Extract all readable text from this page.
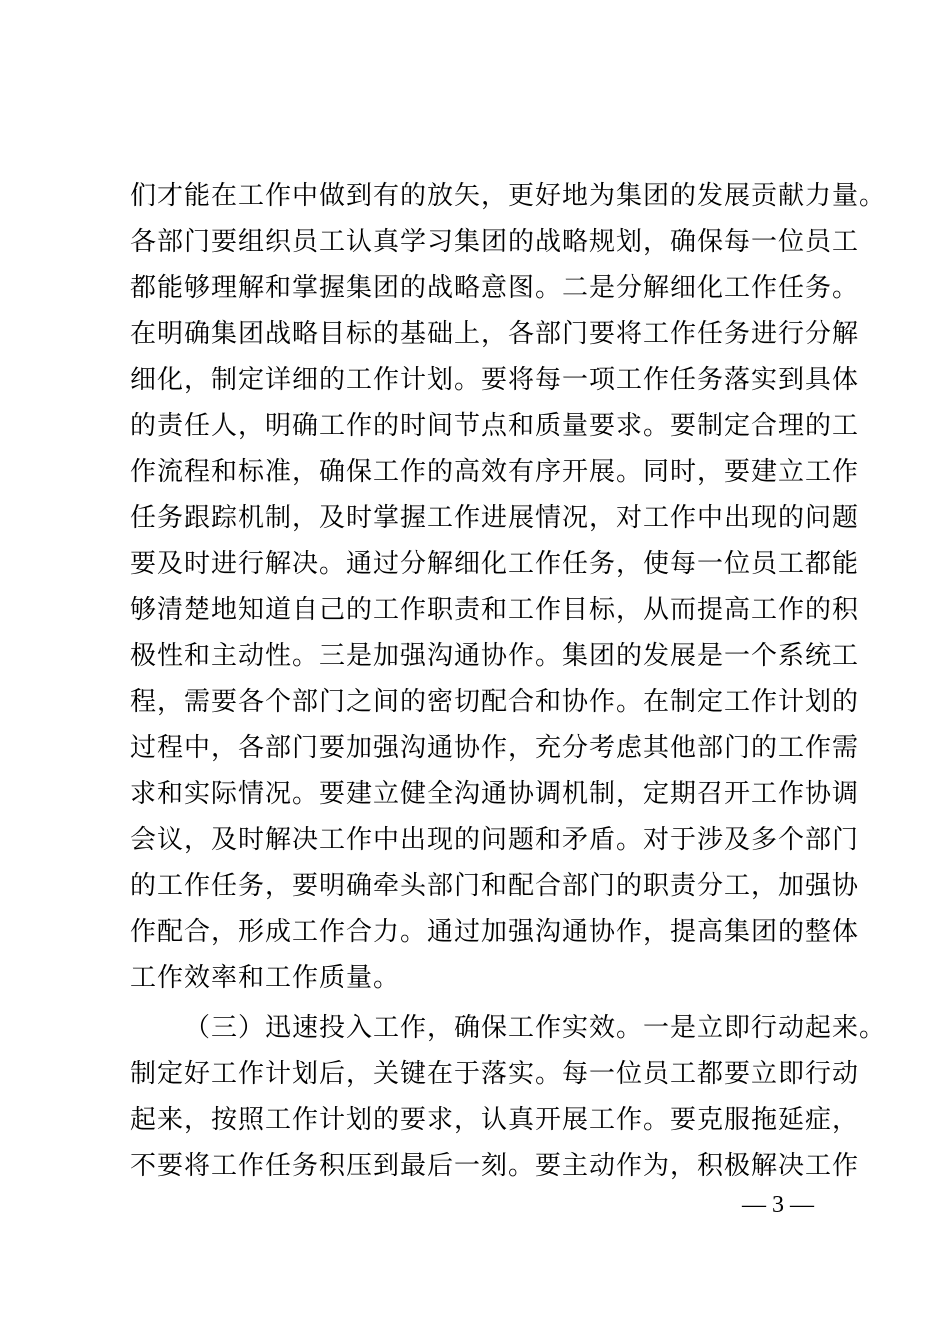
们才能在工作中做到有的放矢，更好地为集团的发展贡献力量。
各部门要组织员工认真学习集团的战略规划，确保每一位员工
都能够理解和掌握集团的战略意图。二是分解细化工作任务。
在明确集团战略目标的基础上，各部门要将工作任务进行分解
细化，制定详细的工作计划。要将每一项工作任务落实到具体
的责任人，明确工作的时间节点和质量要求。要制定合理的工
作流程和标准，确保工作的高效有序开展。同时，要建立工作
任务跟踪机制，及时掌握工作进展情况，对工作中出现的问题
要及时进行解决。通过分解细化工作任务，使每一位员工都能
够清楚地知道自己的工作职责和工作目标，从而提高工作的积
极性和主动性。三是加强沟通协作。集团的发展是一个系统工
程，需要各个部门之间的密切配合和协作。在制定工作计划的
过程中，各部门要加强沟通协作，充分考虑其他部门的工作需
求和实际情况。要建立健全沟通协调机制，定期召开工作协调
会议，及时解决工作中出现的问题和矛盾。对于涉及多个部门
的工作任务，要明确牵头部门和配合部门的职责分工，加强协
作配合，形成工作合力。通过加强沟通协作，提高集团的整体
工作效率和工作质量。
（三）迅速投入工作，确保工作实效。一是立即行动起来。
制定好工作计划后，关键在于落实。每一位员工都要立即行动
起来，按照工作计划的要求，认真开展工作。要克服拖延症，
不要将工作任务积压到最后一刻。要主动作为，积极解决工作
— 3 —
